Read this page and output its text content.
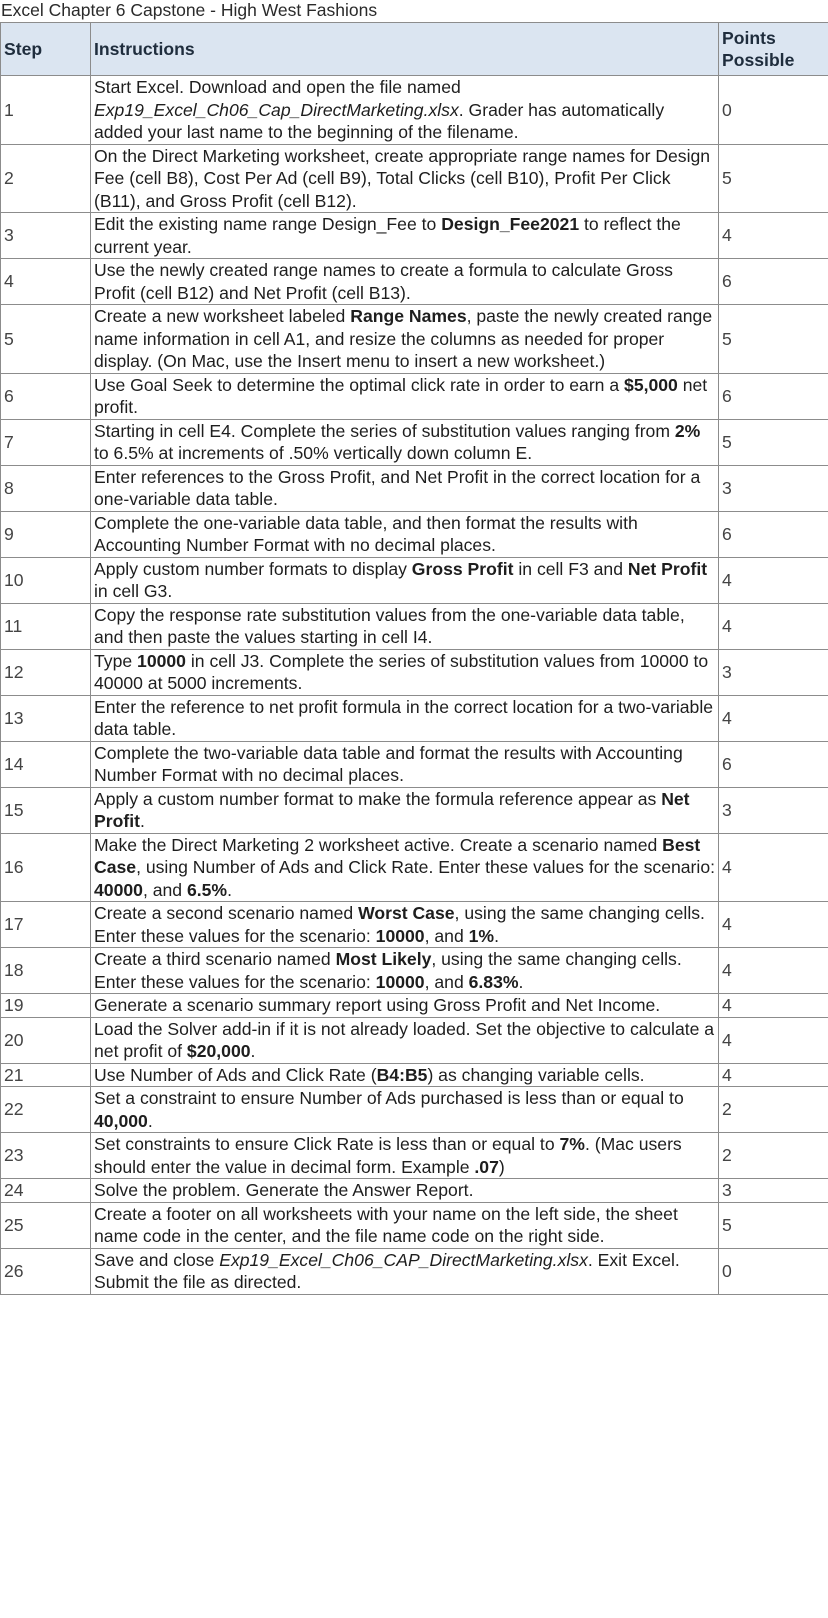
Excel Chapter 6 Capstone - High West Fashions
Step	Instructions	Points Possible
1	Start Excel. Download and open the file named Exp19_Excel_Ch06_Cap_DirectMarketing.xlsx. Grader has automatically added your last name to the beginning of the filename.	0
2	On the Direct Marketing worksheet, create appropriate range names for Design Fee (cell B8), Cost Per Ad (cell B9), Total Clicks (cell B10), Profit Per Click (B11), and Gross Profit (cell B12).	5
3	Edit the existing name range Design_Fee to Design_Fee2021 to reflect the current year.	4
4	Use the newly created range names to create a formula to calculate Gross Profit (cell B12) and Net Profit (cell B13).	6
5	Create a new worksheet labeled Range Names, paste the newly created range name information in cell A1, and resize the columns as needed for proper display. (On Mac, use the Insert menu to insert a new worksheet.)	5
6	Use Goal Seek to determine the optimal click rate in order to earn a $5,000 net profit.	6
7	Starting in cell E4. Complete the series of substitution values ranging from 2% to 6.5% at increments of .50% vertically down column E.	5
8	Enter references to the Gross Profit, and Net Profit in the correct location for a one-variable data table.	3
9	Complete the one-variable data table, and then format the results with Accounting Number Format with no decimal places.	6
10	Apply custom number formats to display Gross Profit in cell F3 and Net Profit in cell G3.	4
11	Copy the response rate substitution values from the one-variable data table, and then paste the values starting in cell I4.	4
12	Type 10000 in cell J3. Complete the series of substitution values from 10000 to 40000 at 5000 increments.	3
13	Enter the reference to net profit formula in the correct location for a two-variable data table.	4
14	Complete the two-variable data table and format the results with Accounting Number Format with no decimal places.	6
15	Apply a custom number format to make the formula reference appear as Net Profit.	3
16	Make the Direct Marketing 2 worksheet active. Create a scenario named Best Case, using Number of Ads and Click Rate. Enter these values for the scenario: 40000, and 6.5%.	4
17	Create a second scenario named Worst Case, using the same changing cells. Enter these values for the scenario: 10000, and 1%.	4
18	Create a third scenario named Most Likely, using the same changing cells. Enter these values for the scenario: 10000, and 6.83%.	4
19	Generate a scenario summary report using Gross Profit and Net Income.	4
20	Load the Solver add-in if it is not already loaded. Set the objective to calculate a net profit of $20,000.	4
21	Use Number of Ads and Click Rate (B4:B5) as changing variable cells.	4
22	Set a constraint to ensure Number of Ads purchased is less than or equal to 40,000.	2
23	Set constraints to ensure Click Rate is less than or equal to 7%. (Mac users should enter the value in decimal form. Example .07)	2
24	Solve the problem. Generate the Answer Report.	3
25	Create a footer on all worksheets with your name on the left side, the sheet name code in the center, and the file name code on the right side.	5
26	Save and close Exp19_Excel_Ch06_CAP_DirectMarketing.xlsx. Exit Excel. Submit the file as directed.	0
